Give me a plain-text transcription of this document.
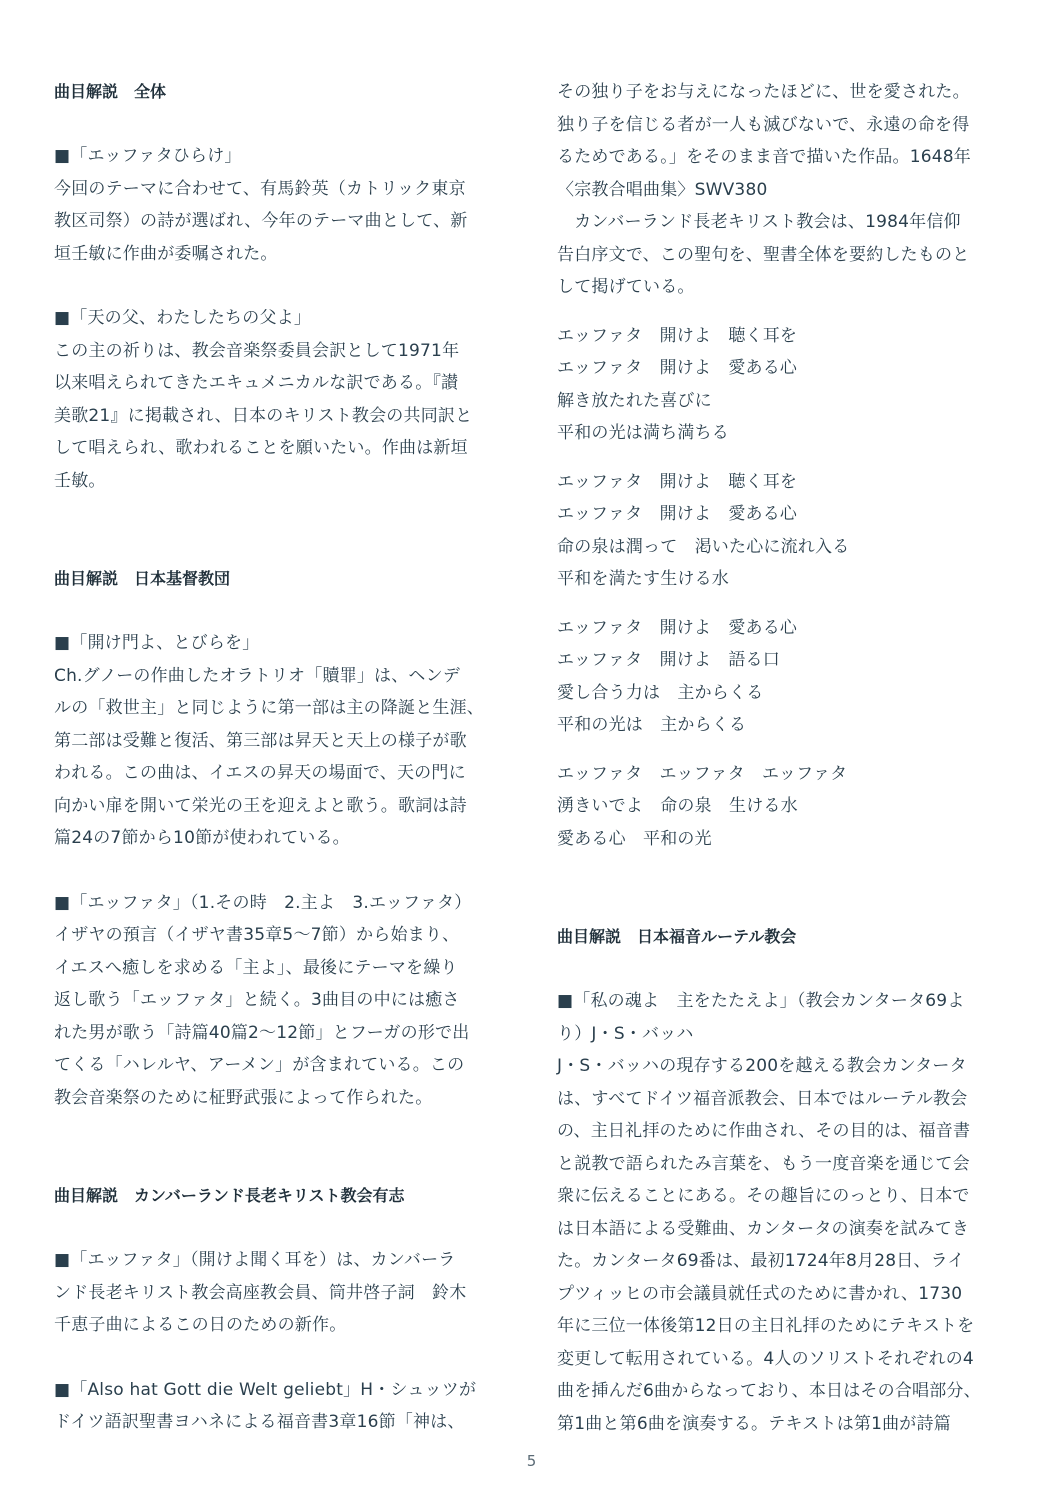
曲目解説　全体

■「エッファタひらけ」
今回のテーマに合わせて、有馬鈴英（カトリック東京
教区司祭）の詩が選ばれ、今年のテーマ曲として、新
垣壬敏に作曲が委嘱された。

■「天の父、わたしたちの父よ」
この主の祈りは、教会音楽祭委員会訳として1971年
以来唱えられてきたエキュメニカルな訳である。『讃
美歌21』に掲載され、日本のキリスト教会の共同訳と
して唱えられ、歌われることを願いたい。作曲は新垣
壬敏。

曲目解説　日本基督教団

■「開け門よ、とびらを」
Ch.グノーの作曲したオラトリオ「贖罪」は、ヘンデ
ルの「救世主」と同じように第一部は主の降誕と生涯、
第二部は受難と復活、第三部は昇天と天上の様子が歌
われる。この曲は、イエスの昇天の場面で、天の門に
向かい扉を開いて栄光の王を迎えよと歌う。歌詞は詩
篇24の7節から10節が使われている。

■「エッファタ」（1.その時　2.主よ　3.エッファタ）
イザヤの預言（イザヤ書35章5〜7節）から始まり、
イエスへ癒しを求める「主よ」、最後にテーマを繰り
返し歌う「エッファタ」と続く。3曲目の中には癒さ
れた男が歌う「詩篇40篇2〜12節」とフーガの形で出
てくる「ハレルヤ、アーメン」が含まれている。この
教会音楽祭のために柾野武張によって作られた。

曲目解説　カンバーランド長老キリスト教会有志

■「エッファタ」（開けよ聞く耳を）は、カンバーラ
ンド長老キリスト教会高座教会員、筒井啓子詞　鈴木
千恵子曲によるこの日のための新作。

■「Also hat Gott die Welt geliebt」H・シュッツが
ドイツ語訳聖書ヨハネによる福音書3章16節「神は、

その独り子をお与えになったほどに、世を愛された。
独り子を信じる者が一人も滅びないで、永遠の命を得
るためである。」をそのまま音で描いた作品。1648年
〈宗教合唱曲集〉SWV380
　カンバーランド長老キリスト教会は、1984年信仰
告白序文で、この聖句を、聖書全体を要約したものと
して掲げている。

エッファタ　開けよ　聴く耳を
エッファタ　開けよ　愛ある心
解き放たれた喜びに
平和の光は満ち満ちる

エッファタ　開けよ　聴く耳を
エッファタ　開けよ　愛ある心
命の泉は潤って　渇いた心に流れ入る
平和を満たす生ける水

エッファタ　開けよ　愛ある心
エッファタ　開けよ　語る口
愛し合う力は　主からくる
平和の光は　主からくる

エッファタ　エッファタ　エッファタ
湧きいでよ　命の泉　生ける水
愛ある心　平和の光

曲目解説　日本福音ルーテル教会

■「私の魂よ　主をたたえよ」（教会カンタータ69よ
り）J・S・バッハ
J・S・バッハの現存する200を越える教会カンタータ
は、すべてドイツ福音派教会、日本ではルーテル教会
の、主日礼拝のために作曲され、その目的は、福音書
と説教で語られたみ言葉を、もう一度音楽を通じて会
衆に伝えることにある。その趣旨にのっとり、日本で
は日本語による受難曲、カンタータの演奏を試みてき
た。カンタータ69番は、最初1724年8月28日、ライ
プツィッヒの市会議員就任式のために書かれ、1730
年に三位一体後第12日の主日礼拝のためにテキストを
変更して転用されている。4人のソリストそれぞれの4
曲を挿んだ6曲からなっており、本日はその合唱部分、
第1曲と第6曲を演奏する。テキストは第1曲が詩篇

5
